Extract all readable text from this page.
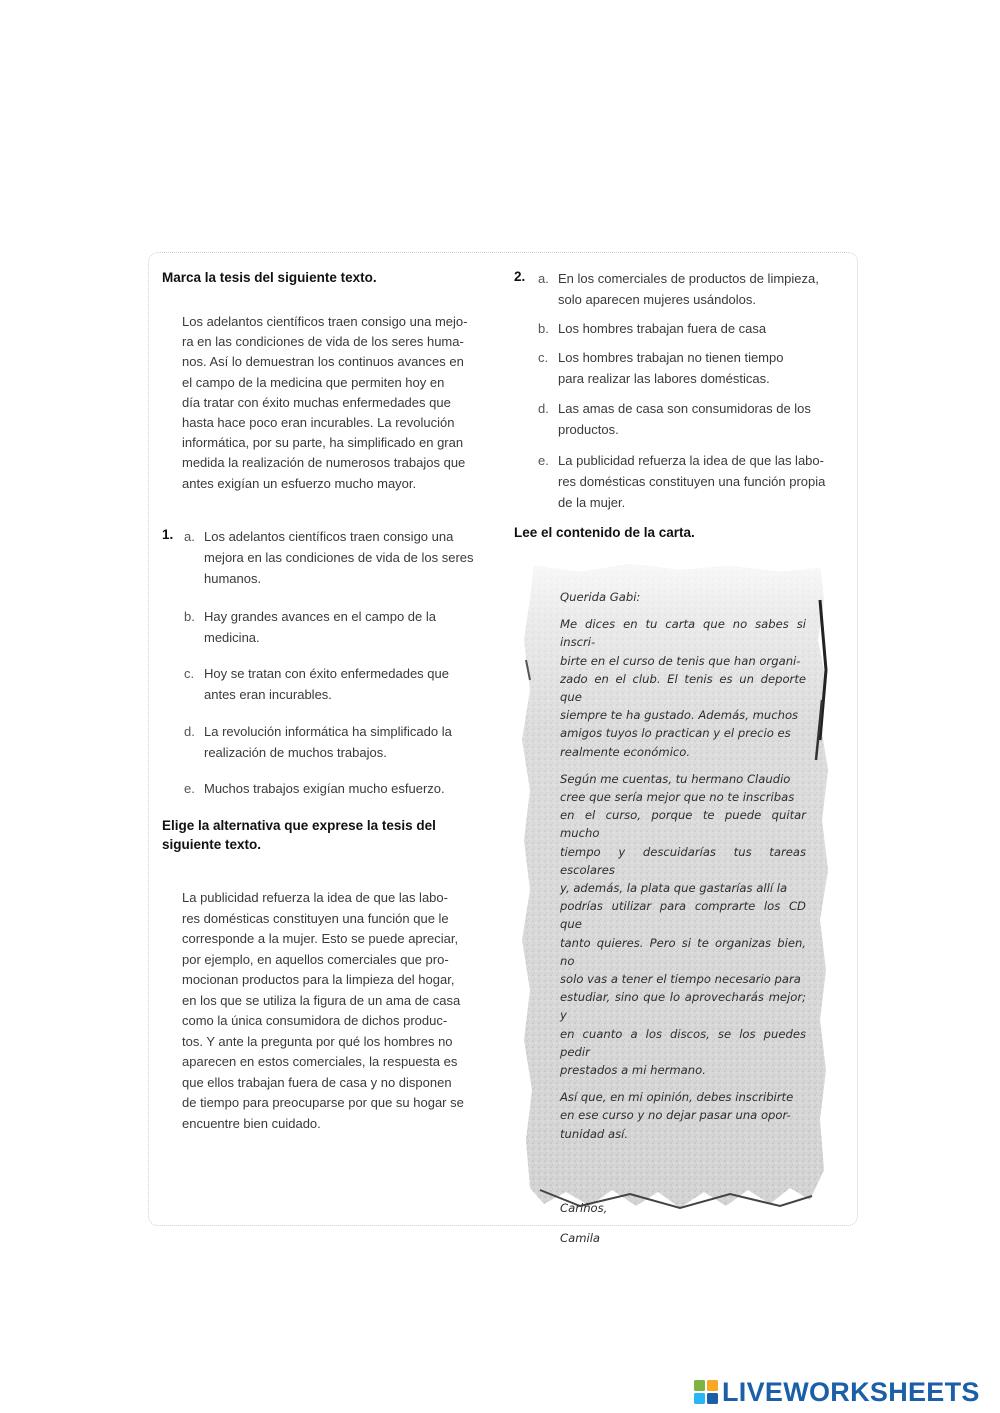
Marca la tesis del siguiente texto.

Los adelantos científicos traen consigo una mejo-
ra en las condiciones de vida de los seres huma-
nos. Así lo demuestran los continuos avances en
el campo de la medicina que permiten hoy en
día tratar con éxito muchas enfermedades que
hasta hace poco eran incurables. La revolución
informática, por su parte, ha simplificado en gran
medida la realización de numerosos trabajos que
antes exigían un esfuerzo mucho mayor.
1. a. Los adelantos científicos traen consigo una
mejora en las condiciones de vida de los seres
humanos.
b. Hay grandes avances en el campo de la
medicina.
c. Hoy se tratan con éxito enfermedades que
antes eran incurables.
d. La revolución informática ha simplificado la
realización de muchos trabajos.
e. Muchos trabajos exigían mucho esfuerzo.
Elige la alternativa que exprese la tesis del
siguiente texto.
La publicidad refuerza la idea de que las labo-
res domésticas constituyen una función que le
corresponde a la mujer. Esto se puede apreciar,
por ejemplo, en aquellos comerciales que pro-
mocionan productos para la limpieza del hogar,
en los que se utiliza la figura de un ama de casa
como la única consumidora de dichos produc-
tos. Y ante la pregunta por qué los hombres no
aparecen en estos comerciales, la respuesta es
que ellos trabajan fuera de casa y no disponen
de tiempo para preocuparse por que su hogar se
encuentre bien cuidado.
2. a. En los comerciales de productos de limpieza,
solo aparecen mujeres usándolos.
b. Los hombres trabajan fuera de casa
c. Los hombres trabajan no tienen tiempo
para realizar las labores domésticas.
d. Las amas de casa son consumidoras de los
productos.
e. La publicidad refuerza la idea de que las labo-
res domésticas constituyen una función propia
de la mujer.

Lee el contenido de la carta.

Querida Gabi:

Me dices en tu carta que no sabes si inscri-
birte en el curso de tenis que han organi-
zado en el club. El tenis es un deporte que
siempre te ha gustado. Además, muchos
amigos tuyos lo practican y el precio es
realmente económico.
Según me cuentas, tu hermano Claudio
cree que sería mejor que no te inscribas
en el curso, porque te puede quitar mucho
tiempo y descuidarías tus tareas escolares
y, además, la plata que gastarías allí la
podrías utilizar para comprarte los CD que
tanto quieres. Pero si te organizas bien, no
solo vas a tener el tiempo necesario para
estudiar, sino que lo aprovecharás mejor; y
en cuanto a los discos, se los puedes pedir
prestados a mi hermano.
Así que, en mi opinión, debes inscribirte
en ese curso y no dejar pasar una opor-
tunidad así.

Cariños,

Camila

LIVEWORKSHEETS
